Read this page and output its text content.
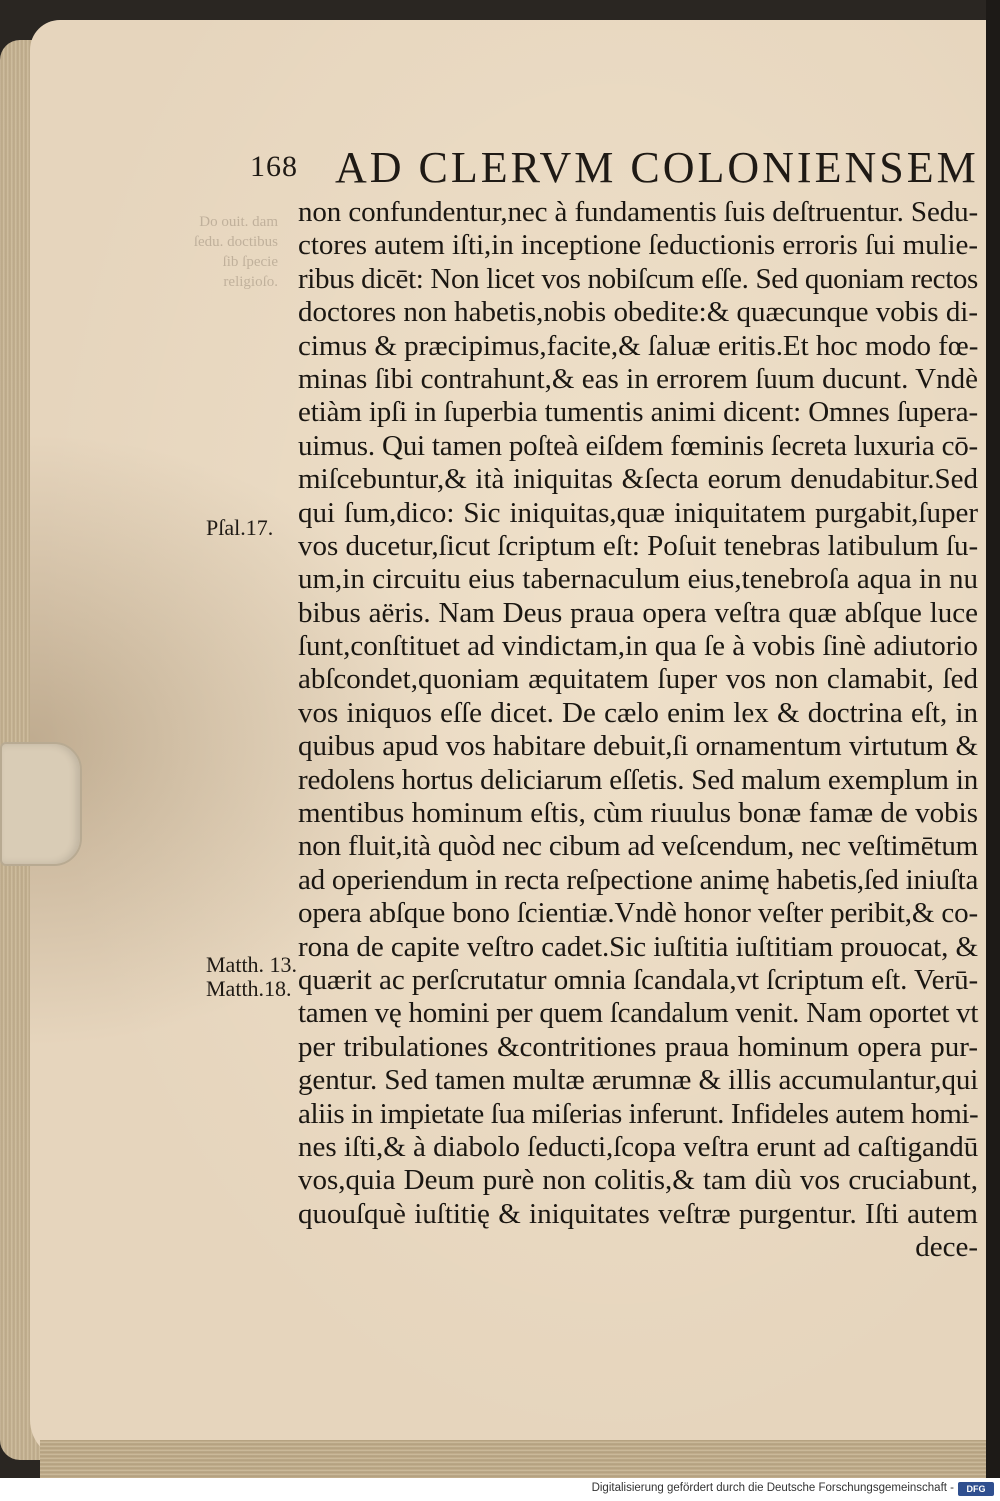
Do ouit. dam ſedu. doctibus ſib ſpecie religioſo.
168 AD CLERVM COLONIENSEM
non confundentur,nec à fundamentis ſuis deſtruentur. Sedu-
ctores autem iſti,in inceptione ſeductionis erroris ſui mulie-
ribus dicēt: Non licet vos nobiſcum eſſe. Sed quoniam rectos
doctores non habetis,nobis obedite:& quæcunque vobis di-
cimus & præcipimus,facite,& ſaluæ eritis.Et hoc modo fœ-
minas ſibi contrahunt,& eas in errorem ſuum ducunt. Vndè
etiàm ipſi in ſuperbia tumentis animi dicent: Omnes ſupera-
uimus. Qui tamen poſteà eiſdem fœminis ſecreta luxuria cō-
miſcebuntur,& ità iniquitas &ſecta eorum denudabitur.Sed
qui ſum,dico: Sic iniquitas,quæ iniquitatem purgabit,ſuper
vos ducetur,ſicut ſcriptum eſt: Poſuit tenebras latibulum ſu-
um,in circuitu eius tabernaculum eius,tenebroſa aqua in nu
bibus aëris. Nam Deus praua opera veſtra quæ abſque luce
ſunt,conſtituet ad vindictam,in qua ſe à vobis ſinè adiutorio
abſcondet,quoniam æquitatem ſuper vos non clamabit, ſed
vos iniquos eſſe dicet. De cælo enim lex & doctrina eſt, in
quibus apud vos habitare debuit,ſi ornamentum virtutum &
redolens hortus deliciarum eſſetis. Sed malum exemplum in
mentibus hominum eſtis, cùm riuulus bonæ famæ de vobis
non fluit,ità quòd nec cibum ad veſcendum, nec veſtimētum
ad operiendum in recta reſpectione animę habetis,ſed iniuſta
opera abſque bono ſcientiæ.Vndè honor veſter peribit,& co-
rona de capite veſtro cadet.Sic iuſtitia iuſtitiam prouocat, &
quærit ac perſcrutatur omnia ſcandala,vt ſcriptum eſt. Verū-
tamen vę homini per quem ſcandalum venit. Nam oportet vt
per tribulationes &contritiones praua hominum opera pur-
gentur. Sed tamen multæ ærumnæ & illis accumulantur,qui
aliis in impietate ſua miſerias inferunt. Infideles autem homi-
nes iſti,& à diabolo ſeducti,ſcopa veſtra erunt ad caſtigandū
vos,quia Deum purè non colitis,& tam diù vos cruciabunt,
quouſquè iuſtitię & iniquitates veſtræ purgentur. Iſti autem
dece-
Pſal.17.
Matth. 13.
Matth.18.
Digitalisierung gefördert durch die Deutsche Forschungsgemeinschaft -	DFG
